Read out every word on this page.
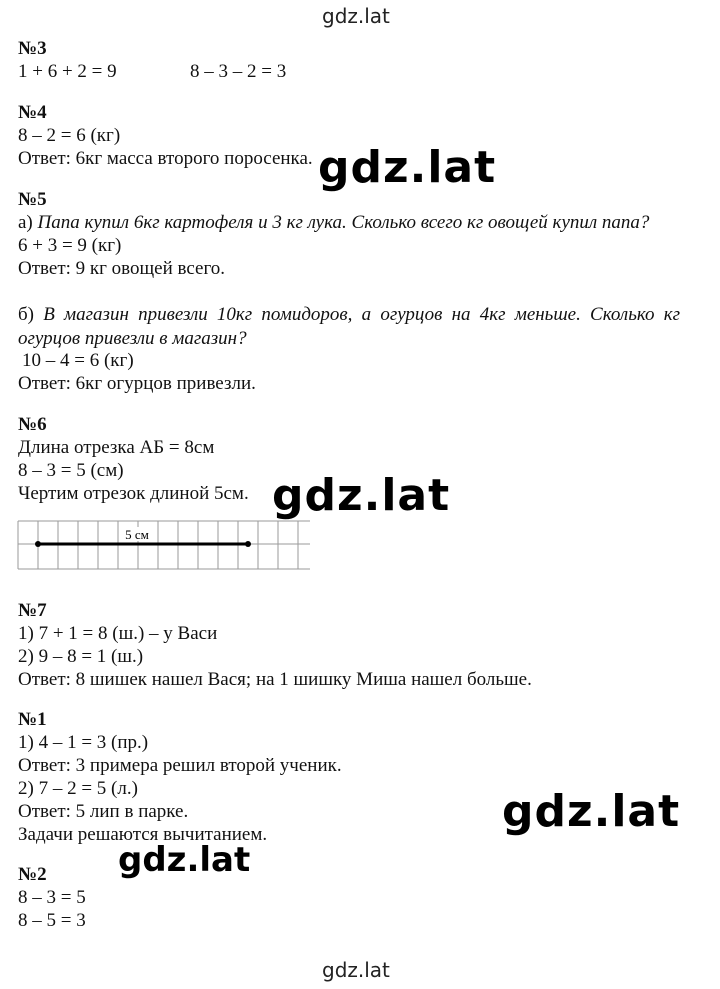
gdz.lat
№3
1 + 6 + 2 = 9	8 – 3 – 2 = 3
№4
8 – 2 = 6 (кг)
Ответ: 6кг масса второго поросенка. gdz.lat
№5
а) Папа купил 6кг картофеля и 3 кг лука. Сколько всего кг овощей купил папа?
6 + 3 = 9 (кг)
Ответ: 9 кг овощей всего.
б) В магазин привезли 10кг помидоров, а огурцов на 4кг меньше. Сколько кг огурцов привезли в магазин?
10 – 4 = 6 (кг)
Ответ: 6кг огурцов привезли.
№6
Длина отрезка АБ = 8см
8 – 3 = 5 (см)
Чертим отрезок длиной 5см. gdz.lat
5 см
№7
1) 7 + 1 = 8 (ш.) – у Васи
2) 9 – 8 = 1 (ш.)
Ответ: 8 шишек нашел Вася; на 1 шишку Миша нашел больше.
№1
1) 4 – 1 = 3 (пр.)
Ответ: 3 примера решил второй ученик.
2) 7 – 2 = 5 (л.)
Ответ: 5 лип в парке.
Задачи решаются вычитанием.	gdz.lat
gdz.lat
№2
8 – 3 = 5
8 – 5 = 3
gdz.lat
